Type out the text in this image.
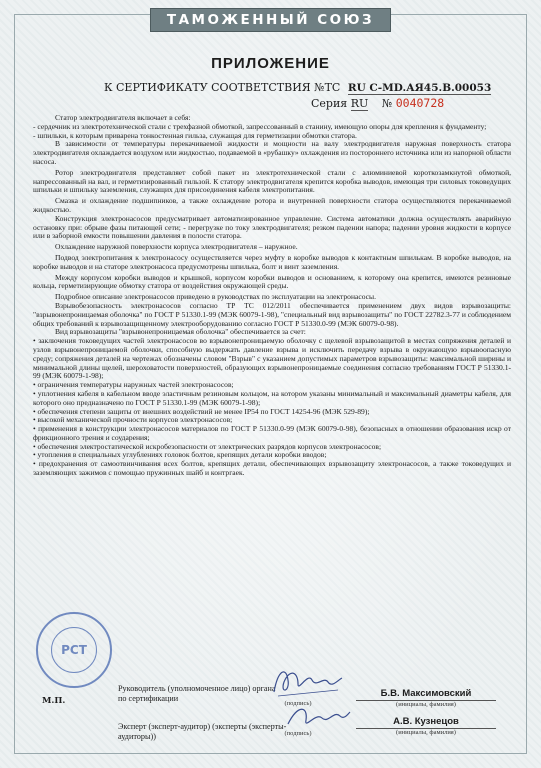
ТАМОЖЕННЫЙ СОЮЗ
ПРИЛОЖЕНИЕ
К СЕРТИФИКАТУ СООТВЕТСТВИЯ №ТС RU C-MD.АЯ45.В.00053
Серия RU № 0040728

Статор электродвигателя включает в себя:

- сердечник из электротехнической стали с трехфазной обмоткой, запрессованный в станину, имеющую опоры для крепления к фундаменту;

- шпильки, к которым приварена тонкостенная гильза, служащая для герметизации обмотки статора.

В зависимости от температуры перекачиваемой жидкости и мощности на валу электродвигателя наружная поверхность статора электродвигателя охлаждается воздухом или жидкостью, подаваемой в «рубашку» охлаждения из постороннего источника или из напорной области насоса.

Ротор электродвигателя представляет собой пакет из электротехнической стали с алюминиевой короткозамкнутой обмоткой, напрессованный на вал, и герметизированный гильзой. К статору электродвигателя крепится коробка выводов, имеющая три силовых токоведущих шпильки и шпильку заземления, служащих для присоединения кабеля электропитания.

Смазка и охлаждение подшипников, а также охлаждение ротора и внутренней поверхности статора осуществляются перекачиваемой жидкостью.

Конструкция электронасосов предусматривает автоматизированное управление. Система автоматики должна осуществлять аварийную остановку при: обрыве фазы питающей сети; - перегрузке по току электродвигателя; резком падении напора; падении уровня жидкости в корпусе или в заборной емкости повышении давления в полости статора.

Охлаждение наружной поверхности корпуса электродвигателя – наружное.

Подвод электропитания к электронасосу осуществляется через муфту в коробке выводов к контактным шпилькам. В коробке выводов, на коробке выводов и на статоре электронасоса предусмотрены шпилька, болт и винт заземления.

Между корпусом коробки выводов и крышкой, корпусом коробки выводов и основанием, к которому она крепится, имеются резиновые кольца, герметизирующие обмотку статора от воздействия окружающей среды.

Подробное описание электронасосов приведено в руководствах по эксплуатации на электронасосы.

Взрывобезопасность электронасосов согласно ТР ТС 012/2011 обеспечивается применением двух видов взрывозащиты: "взрывонепроницаемая оболочка" по ГОСТ Р 51330.1-99 (МЭК 60079-1-98), "специальный вид взрывозащиты" по ГОСТ 22782.3-77 и соблюдением общих требований к взрывозащищенному электрооборудованию согласно ГОСТ Р 51330.0-99 (МЭК 60079-0-98).

Вид взрывозащиты "взрывонепроницаемая оболочка" обеспечивается за счет:

• заключения токоведущих частей электронасосов во взрывонепроницаемую оболочку с щелевой взрывозащитой в местах сопряжения деталей и узлов взрывонепроницаемой оболочки, способную выдержать давление взрыва и исключить передачу взрыва в окружающую взрывоопасную среду; сопряжения деталей на чертежах обозначены словом "Взрыв" с указанием допустимых параметров взрывозащиты: максимальной ширины и минимальной длины щелей, шероховатости поверхностей, образующих взрывонепроницаемые соединения согласно требованиям ГОСТ Р 51330.1-99 (МЭК 60079-1-98);

• ограничения температуры наружных частей электронасосов;

• уплотнения кабеля в кабельном вводе эластичным резиновым кольцом, на котором указаны минимальный и максимальный диаметры кабеля, для которого оно предназначено по ГОСТ Р 51330.1-99 (МЭК 60079-1-98);

• обеспечения степени защиты от внешних воздействий не менее IP54 по ГОСТ 14254-96 (МЭК 529-89);

• высокой механической прочности корпусов электронасосов;

• применения в конструкции электронасосов материалов по ГОСТ Р 51330.0-99 (МЭК 60079-0-98), безопасных в отношении образования искр от фрикционного трения и соударения;

• обеспечения электростатической искробезопасности от электрических разрядов корпусов электронасосов;

• утопления в специальных углублениях головок болтов, крепящих детали коробки вводов;

• предохранения от самоотвинчивания всех болтов, крепящих детали, обеспечивающих взрывозащиту электронасосов, а также токоведущих и заземляющих зажимов с помощью пружинных шайб и контргаек.

РСТ
М.П.
Руководитель (уполномоченное лицо) органа по сертификации
(подпись)
Б.В. Максимовский
(инициалы, фамилия)
Эксперт (эксперт-аудитор) (эксперты (эксперты-аудиторы))	(подпись)
А.В. Кузнецов
(инициалы, фамилия)
